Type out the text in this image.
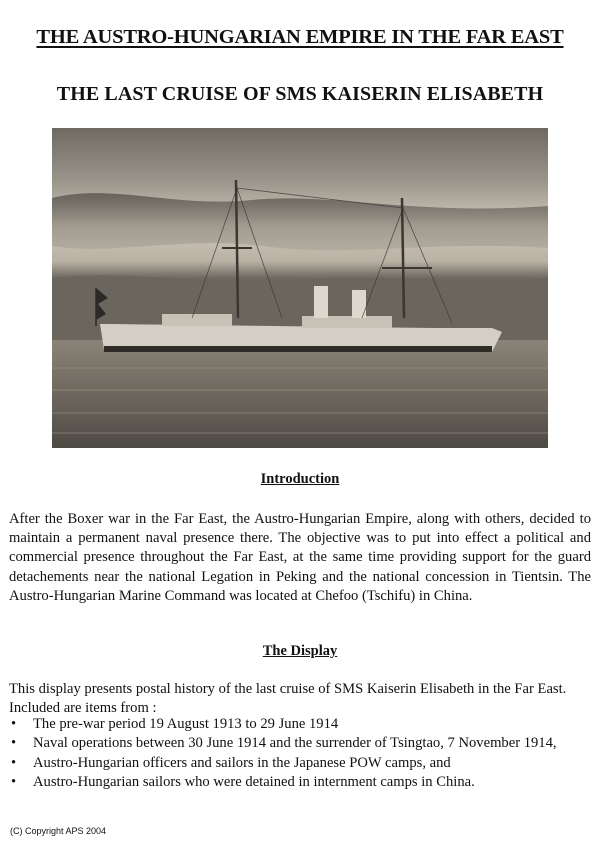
THE AUSTRO-HUNGARIAN EMPIRE IN THE FAR EAST
THE LAST CRUISE OF SMS KAISERIN ELISABETH
Introduction

After the Boxer war in the Far East, the Austro-Hungarian Empire, along with others, decided to maintain a permanent naval presence there. The objective was to put into effect a political and commercial presence throughout the Far East, at the same time providing support for the guard detachements near the national Legation in Peking and the national concession in Tientsin. The Austro-Hungarian Marine Command was located at Chefoo (Tschifu) in China.

The Display

This display presents postal history of the last cruise of SMS Kaiserin Elisabeth in the Far East. Included are items from :

• The pre-war period 19 August 1913 to 29 June 1914
• Naval operations between 30 June 1914 and the surrender of Tsingtao, 7 November 1914,
• Austro-Hungarian officers and sailors in the Japanese POW camps, and
• Austro-Hungarian sailors who were detained in internment camps in China.

(C) Copyright APS 2004
